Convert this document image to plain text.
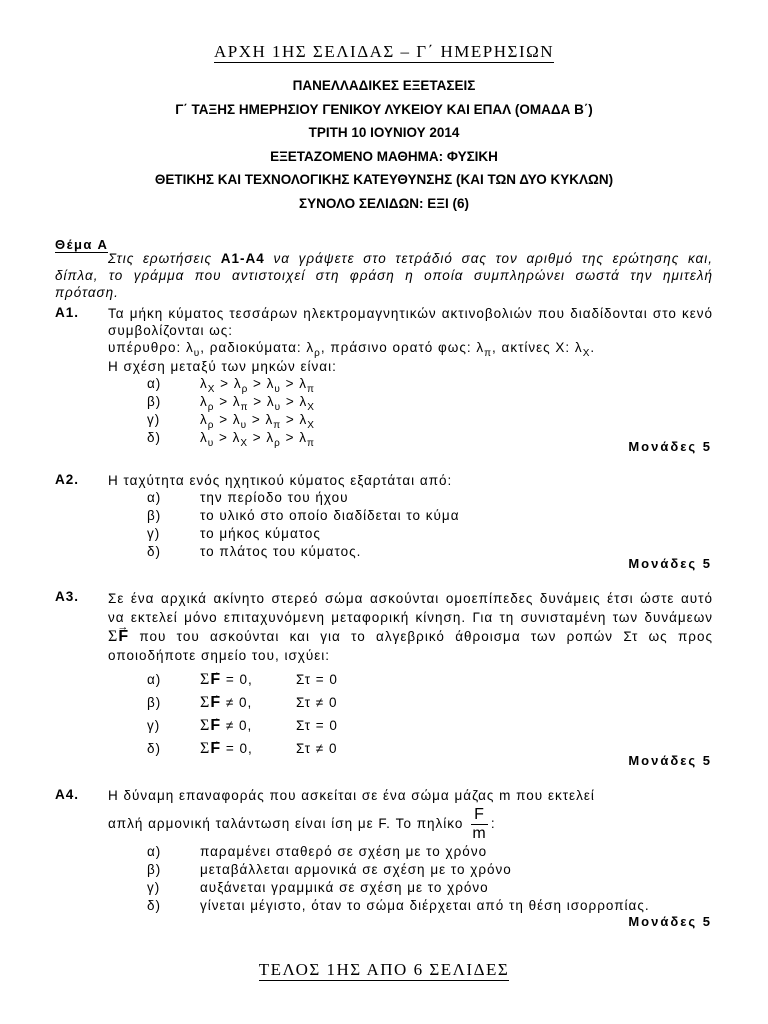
ΑΡΧΗ 1ΗΣ ΣΕΛΙΔΑΣ – Γ΄ ΗΜΕΡΗΣΙΩΝ
ΠΑΝΕΛΛΑΔΙΚΕΣ ΕΞΕΤΑΣΕΙΣ
Γ΄ ΤΑΞΗΣ ΗΜΕΡΗΣΙΟΥ ΓΕΝΙΚΟΥ ΛΥΚΕΙΟΥ ΚΑΙ ΕΠΑΛ (ΟΜΑΔΑ Β΄)
ΤΡΙΤΗ 10 ΙΟΥΝΙΟΥ 2014
ΕΞΕΤΑΖΟΜΕΝΟ ΜΑΘΗΜΑ: ΦΥΣΙΚΗ
ΘΕΤΙΚΗΣ ΚΑΙ ΤΕΧΝΟΛΟΓΙΚΗΣ ΚΑΤΕΥΘΥΝΣΗΣ (ΚΑΙ ΤΩΝ ΔΥΟ ΚΥΚΛΩΝ)
ΣΥΝΟΛΟ ΣΕΛΙΔΩΝ: ΕΞΙ (6)
Θέμα Α

Στις ερωτήσεις Α1-Α4 να γράψετε στο τετράδιό σας τον αριθμό της ερώτησης και, δίπλα, το γράμμα που αντιστοιχεί στη φράση η οποία συμπληρώνει σωστά την ημιτελή πρόταση.

Α1. Τα μήκη κύματος τεσσάρων ηλεκτρομαγνητικών ακτινοβολιών που διαδίδονται στο κενό συμβολίζονται ως:
υπέρυθρο: $\lambda_\upsilon$, ραδιοκύματα: $\lambda_\rho$, πράσινο ορατό φως: $\lambda_\pi$, ακτίνες Χ: $\lambda_X$.
Η σχέση μεταξύ των μηκών είναι:
α)	$\lambda_X > \lambda_\rho > \lambda_\upsilon > \lambda_\pi$
β)	$\lambda_\rho > \lambda_\pi > \lambda_\upsilon > \lambda_X$
γ)	$\lambda_\rho > \lambda_\upsilon > \lambda_\pi > \lambda_X$
δ)	$\lambda_\upsilon > \lambda_X > \lambda_\rho > \lambda_\pi$	Μονάδες 5
Α2. Η ταχύτητα ενός ηχητικού κύματος εξαρτάται από:
α)	την περίοδο του ήχου
β)	το υλικό στο οποίο διαδίδεται το κύμα
γ)	το μήκος κύματος
δ)	το πλάτος του κύματος.
Μονάδες 5
Α3. Σε ένα αρχικά ακίνητο στερεό σώμα ασκούνται ομοεπίπεδες δυνάμεις έτσι ώστε αυτό να εκτελεί μόνο επιταχυνόμενη μεταφορική κίνηση. Για τη συνισταμένη των δυνάμεων Σ→ F που του ασκούνται και για το αλγεβρικό άθροισμα των ροπών Στ ως προς οποιοδήποτε σημείο του, ισχύει:
α)	Σ→ F = 0,	Στ = 0
β)	Σ→ F ≠ 0,	Στ ≠ 0
γ)	Σ→ F ≠ 0,	Στ = 0
δ)	Σ→ F = 0,	Στ ≠ 0
Μονάδες 5
Α4. Η δύναμη επαναφοράς που ασκείται σε ένα σώμα μάζας m που εκτελεί
απλή αρμονική ταλάντωση είναι ίση με F. Το πηλίκο $\frac{F}{m}$ :
α)	παραμένει σταθερό σε σχέση με το χρόνο
β)	μεταβάλλεται αρμονικά σε σχέση με το χρόνο
γ)	αυξάνεται γραμμικά σε σχέση με το χρόνο
δ)	γίνεται μέγιστο, όταν το σώμα διέρχεται από τη θέση ισορροπίας.
Μονάδες 5
ΤΕΛΟΣ 1ΗΣ ΑΠΟ 6 ΣΕΛΙΔΕΣ
